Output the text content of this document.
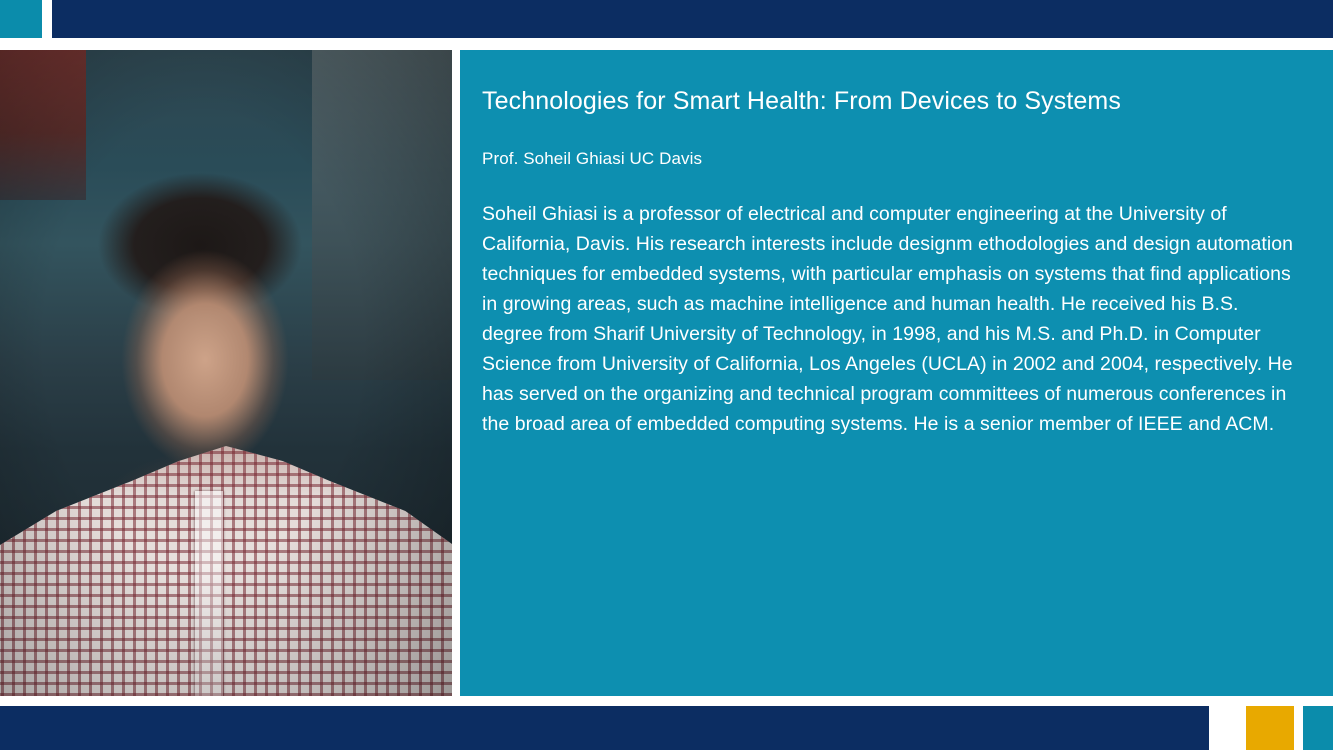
Technologies for Smart Health: From Devices to Systems

Prof. Soheil Ghiasi UC Davis

Soheil Ghiasi is a professor of electrical and computer engineering at the University of California, Davis. His research interests include designm ethodologies and design automation techniques for embedded systems, with particular emphasis on systems that find applications in growing areas, such as machine intelligence and human health. He received his B.S. degree from Sharif University of Technology, in 1998, and his M.S. and Ph.D. in Computer Science from University of California, Los Angeles (UCLA) in 2002 and 2004, respectively. He has served on the organizing and technical program committees of numerous conferences in the broad area of embedded computing systems. He is a senior member of IEEE and ACM.
